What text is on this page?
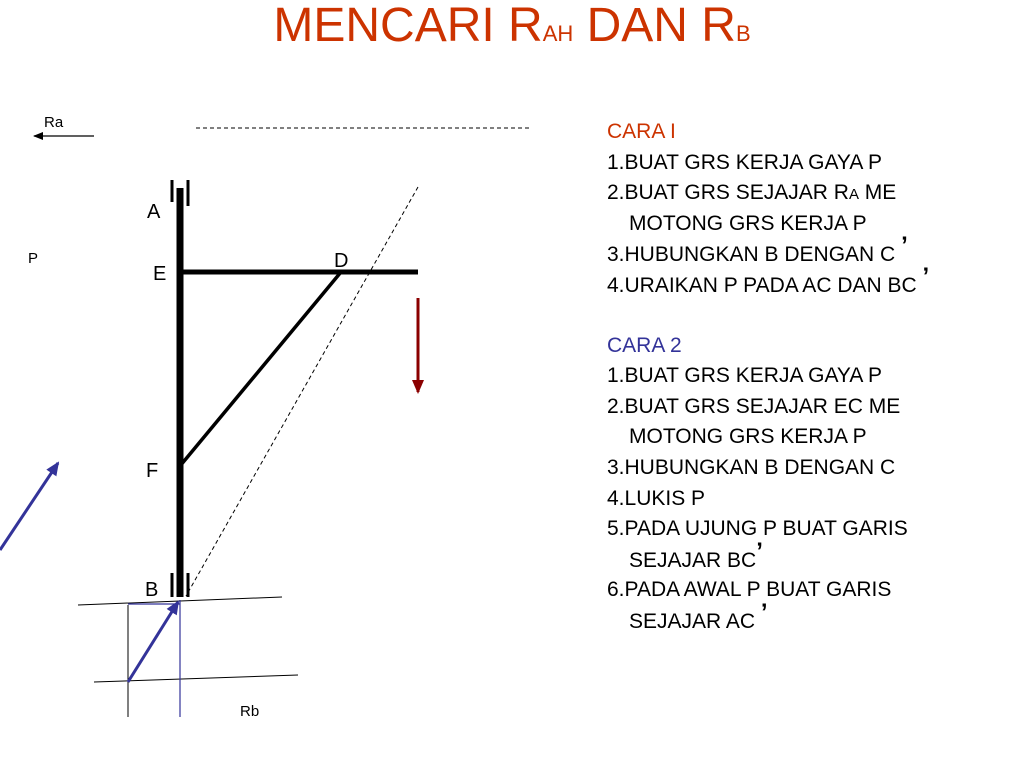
MENCARI RAH DAN RB
Ra
P
A
E
D
F
B
Rb
CARA I
1.BUAT GRS KERJA GAYA P
2.BUAT GRS SEJAJAR RA ME
MOTONG GRS KERJA P
3.HUBUNGKAN B DENGAN C ’
4.URAIKAN P PADA AC DAN BC ’
CARA 2
1.BUAT GRS KERJA GAYA P
2.BUAT GRS SEJAJAR EC ME
MOTONG GRS KERJA P
3.HUBUNGKAN B DENGAN C
4.LUKIS P
5.PADA UJUNG P BUAT GARIS
SEJAJAR BC’
6.PADA AWAL P BUAT GARIS
SEJAJAR AC ’
